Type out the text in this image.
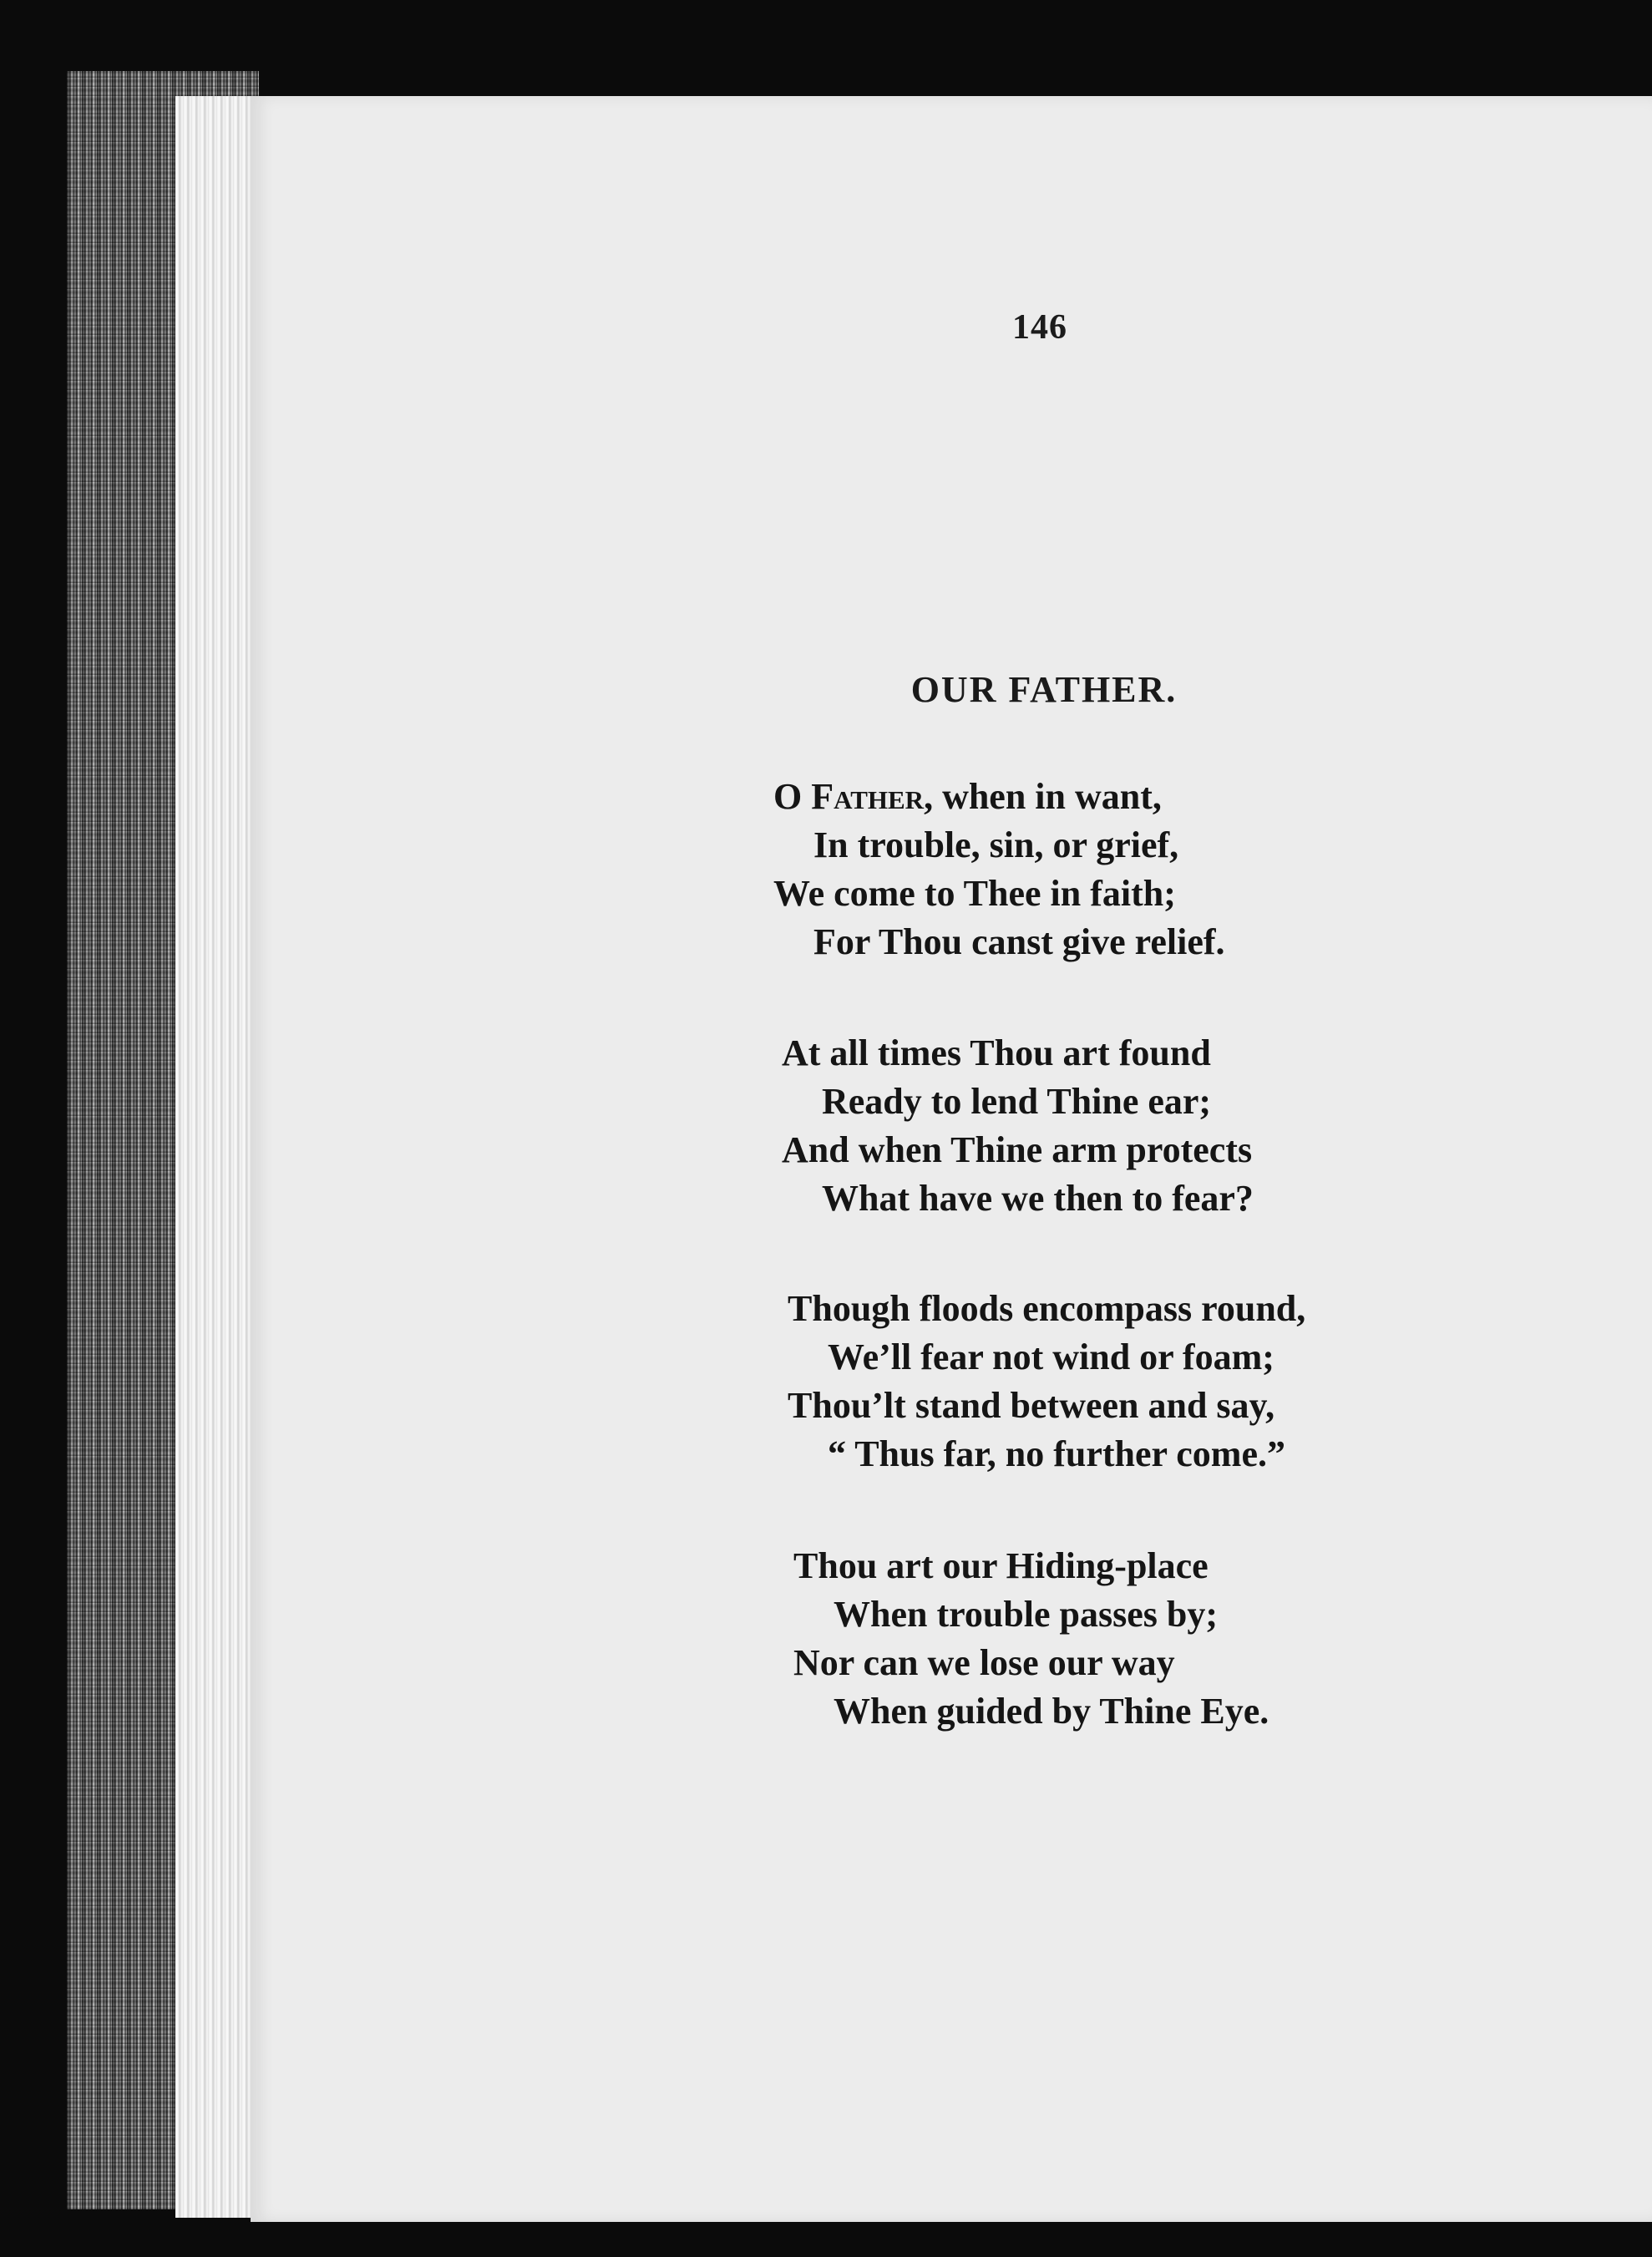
146
OUR FATHER.
O Father, when in want,
In trouble, sin, or grief,
We come to Thee in faith;
For Thou canst give relief.
At all times Thou art found
Ready to lend Thine ear;
And when Thine arm protects
What have we then to fear?
Though floods encompass round,
We’ll fear not wind or foam;
Thou’lt stand between and say,
“ Thus far, no further come.”
Thou art our Hiding-place
When trouble passes by;
Nor can we lose our way
When guided by Thine Eye.
